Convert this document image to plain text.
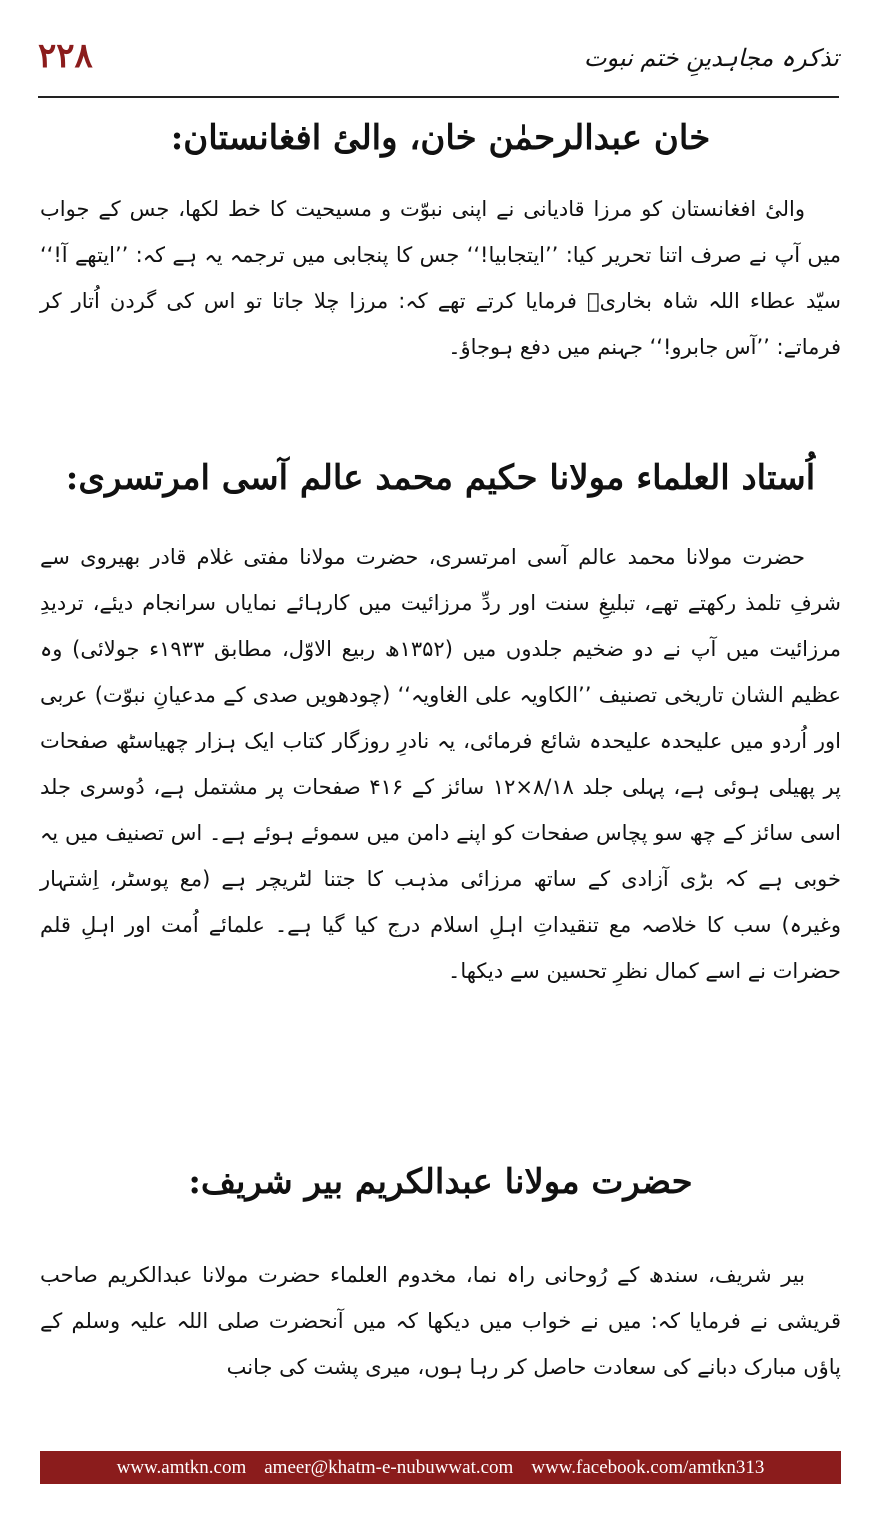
۲۲۸	تذکرہ مجاہدینِ ختم نبوت
خان عبدالرحمٰن خان، والیٔ افغانستان:

والیٔ افغانستان کو مرزا قادیانی نے اپنی نبوّت و مسیحیت کا خط لکھا، جس کے جواب میں آپ نے صرف اتنا تحریر کیا: ’’ایتجابیا!‘‘ جس کا پنجابی میں ترجمہ یہ ہے کہ: ’’ایتھے آ!‘‘ سیّد عطاء اللہ شاہ بخاریؒ فرمایا کرتے تھے کہ: مرزا چلا جاتا تو اس کی گردن اُتار کر فرماتے: ’’آس جابرو!‘‘ جہنم میں دفع ہوجاؤ۔

اُستاد العلماء مولانا حکیم محمد عالم آسی امرتسری:

حضرت مولانا محمد عالم آسی امرتسری، حضرت مولانا مفتی غلام قادر بھیروی سے شرفِ تلمذ رکھتے تھے، تبلیغِ سنت اور ردِّ مرزائیت میں کارہائے نمایاں سرانجام دیئے، تردیدِ مرزائیت میں آپ نے دو ضخیم جلدوں میں (۱۳۵۲ھ ربیع الاوّل، مطابق ۱۹۳۳ء جولائی) وہ عظیم الشان تاریخی تصنیف ’’الکاویہ علی الغاویہ‘‘ (چودھویں صدی کے مدعیانِ نبوّت) عربی اور اُردو میں علیحدہ علیحدہ شائع فرمائی، یہ نادرِ روزگار کتاب ایک ہزار چھیاسٹھ صفحات پر پھیلی ہوئی ہے، پہلی جلد ۸/۱۸×۱۲ سائز کے ۴۱۶ صفحات پر مشتمل ہے، دُوسری جلد اسی سائز کے چھ سو پچاس صفحات کو اپنے دامن میں سموئے ہوئے ہے۔ اس تصنیف میں یہ خوبی ہے کہ بڑی آزادی کے ساتھ مرزائی مذہب کا جتنا لٹریچر ہے (مع پوسٹر، اِشتہار وغیرہ) سب کا خلاصہ مع تنقیداتِ اہلِ اسلام درج کیا گیا ہے۔ علمائے اُمت اور اہلِ قلم حضرات نے اسے کمال نظرِ تحسین سے دیکھا۔

حضرت مولانا عبدالکریم بیر شریف:

بیر شریف، سندھ کے رُوحانی راہ نما، مخدوم العلماء حضرت مولانا عبدالکریم صاحب قریشی نے فرمایا کہ: میں نے خواب میں دیکھا کہ میں آنحضرت صلی اللہ علیہ وسلم کے پاؤں مبارک دبانے کی سعادت حاصل کر رہا ہوں، میری پشت کی جانب

www.amtkn.com ameer@khatm-e-nubuwwat.com www.facebook.com/amtkn313
